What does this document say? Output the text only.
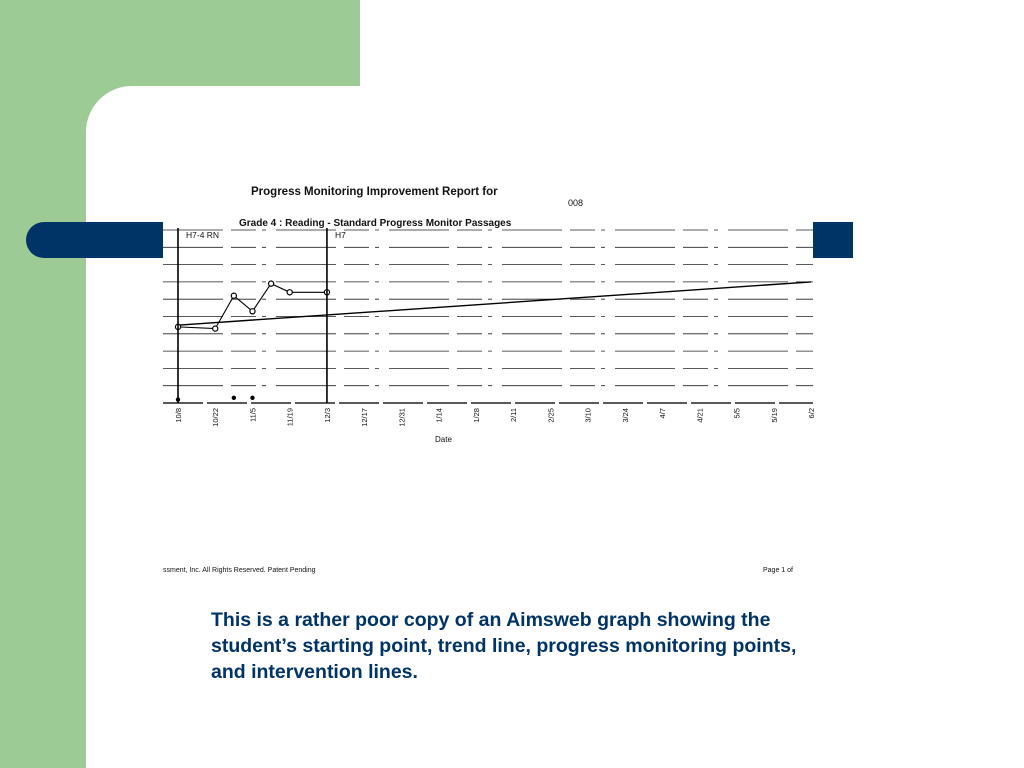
Progress Monitoring Improvement Report for
008
Grade 4 : Reading - Standard Progress Monitor Passages
H7-4 RN	H7
10/8	10/22	11/5	11/19	12/3	12/17	12/31	1/14	1/28	2/11	2/25	3/10	3/24	4/7	4/21	5/5	5/19	6/2
Date
ssment, Inc. All Rights Reserved. Patent Pending	Page 1 of
This is a rather poor copy of an Aimsweb graph showing the student’s starting point, trend line, progress monitoring points, and intervention lines.
